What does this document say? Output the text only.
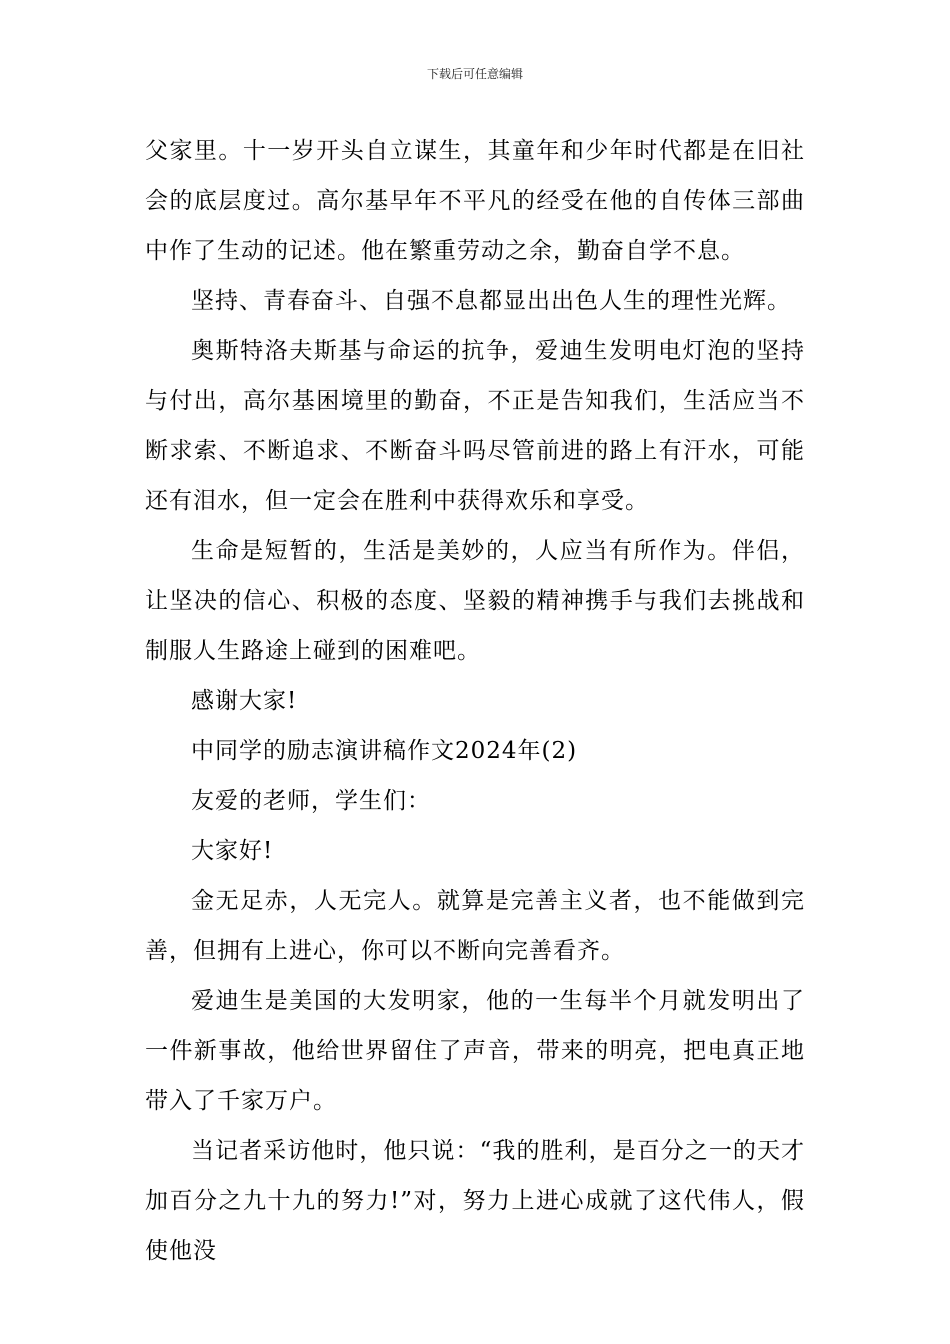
下载后可任意编辑

父家里。十一岁开头自立谋生，其童年和少年时代都是在旧社会的底层度过。高尔基早年不平凡的经受在他的自传体三部曲中作了生动的记述。他在繁重劳动之余，勤奋自学不息。

坚持、青春奋斗、自强不息都显出出色人生的理性光辉。

奥斯特洛夫斯基与命运的抗争，爱迪生发明电灯泡的坚持与付出，高尔基困境里的勤奋，不正是告知我们，生活应当不断求索、不断追求、不断奋斗吗尽管前进的路上有汗水，可能还有泪水，但一定会在胜利中获得欢乐和享受。

生命是短暂的，生活是美妙的，人应当有所作为。伴侣，让坚决的信心、积极的态度、坚毅的精神携手与我们去挑战和制服人生路途上碰到的困难吧。

感谢大家!

中同学的励志演讲稿作文2024年(2)

友爱的老师，学生们：

大家好!

金无足赤，人无完人。就算是完善主义者，也不能做到完善，但拥有上进心，你可以不断向完善看齐。

爱迪生是美国的大发明家，他的一生每半个月就发明出了一件新事故，他给世界留住了声音，带来的明亮，把电真正地带入了千家万户。

当记者采访他时，他只说：“我的胜利，是百分之一的天才加百分之九十九的努力!”对，努力上进心成就了这代伟人，假使他没
